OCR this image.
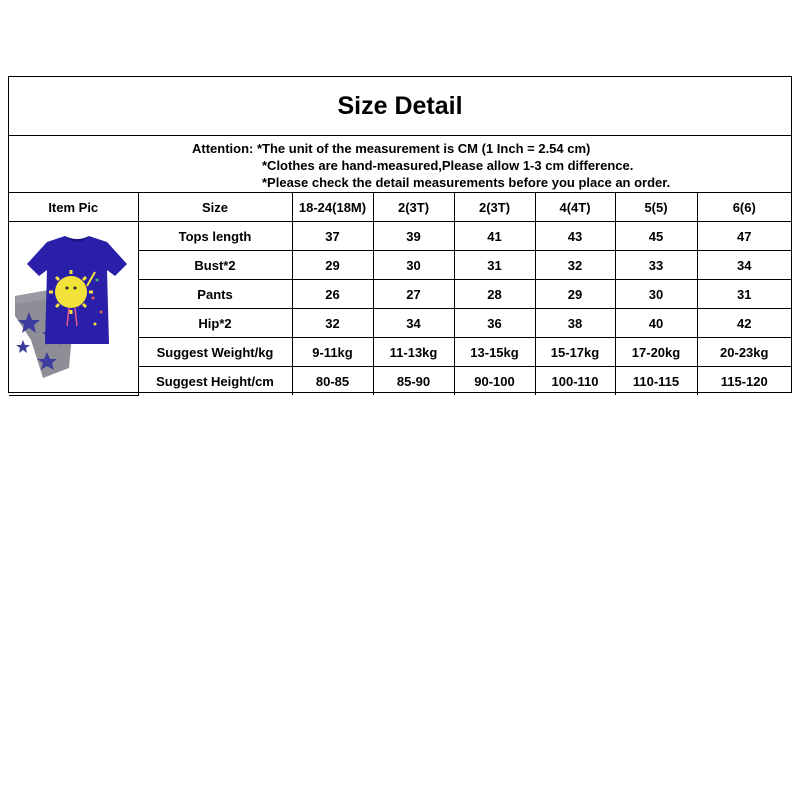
Size Detail
Attention: *The unit of the measurement is CM (1 Inch = 2.54 cm)
*Clothes are hand-measured,Please allow 1-3 cm difference.
*Please check the detail measurements before you place an order.
Item Pic	Size	18-24(18M)	2(3T)	2(3T)	4(4T)	5(5)	6(6)

	Tops length	37	39	41	43	45	47
	Bust*2	29	30	31	32	33	34
	Pants	26	27	28	29	30	31
	Hip*2	32	34	36	38	40	42
	Suggest Weight/kg	9-11kg	11-13kg	13-15kg	15-17kg	17-20kg	20-23kg
	Suggest Height/cm	80-85	85-90	90-100	100-110	110-115	115-120
